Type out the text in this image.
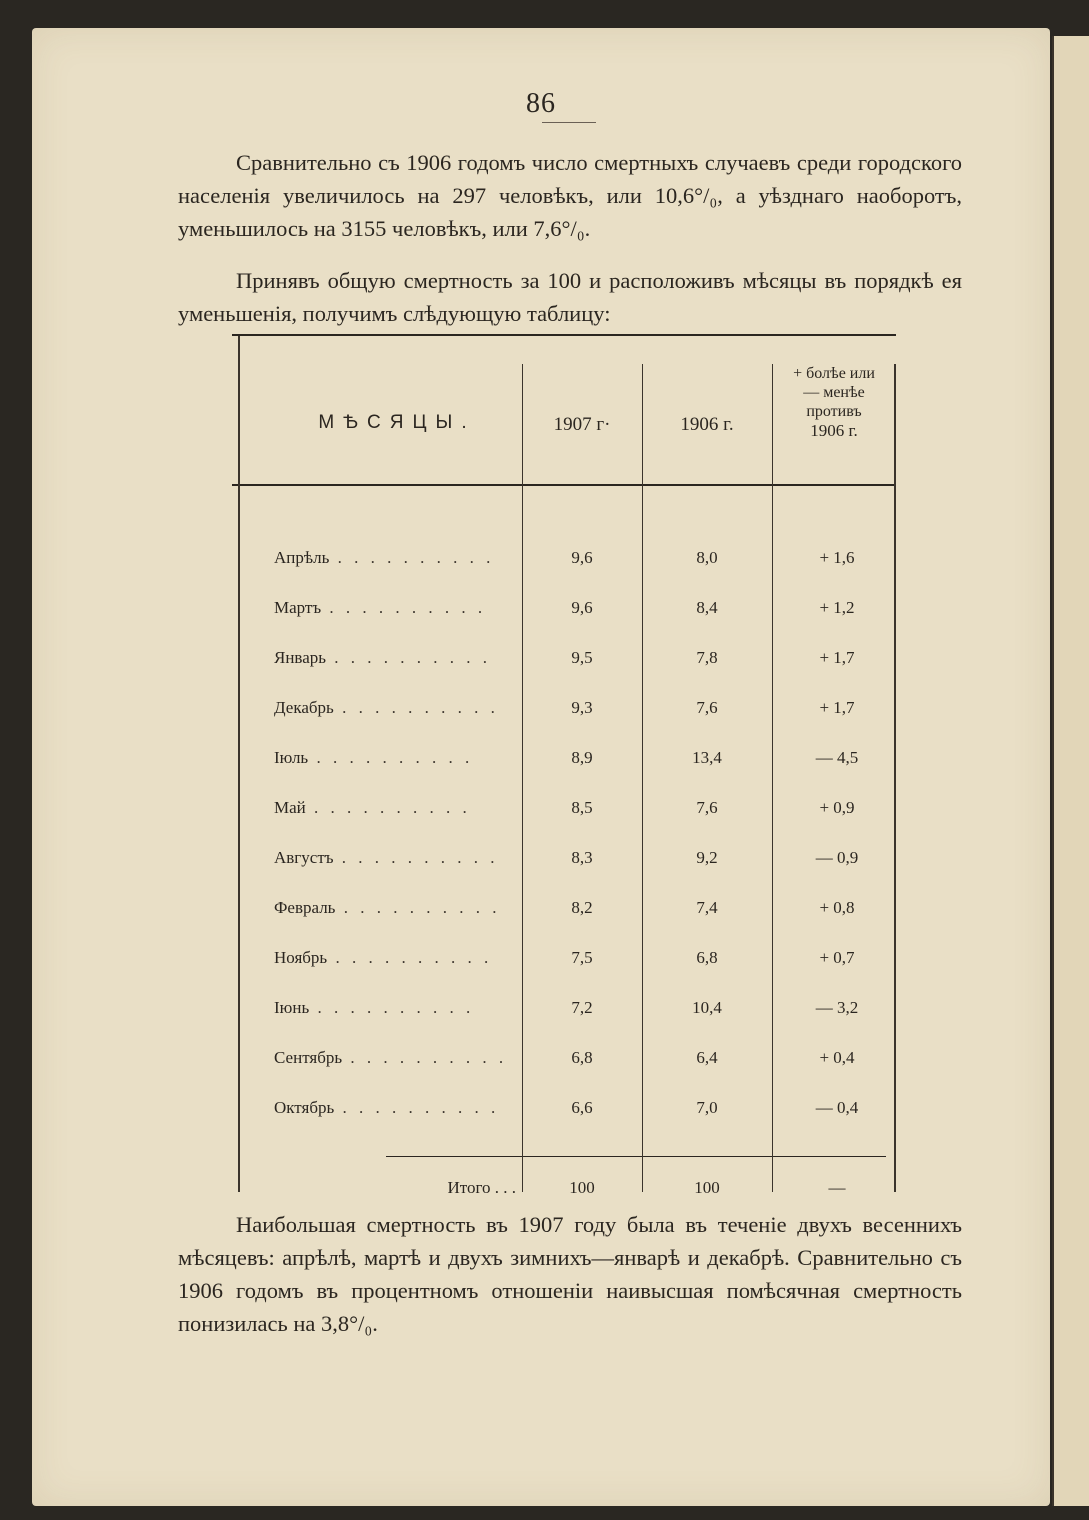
86

Сравнительно съ 1906 годомъ число смертныхъ случаевъ среди городского населенія увеличилось на 297 человѣкъ, или 10,6°/₀, а уѣзднаго наоборотъ, уменьшилось на 3155 человѣкъ, или 7,6°/₀.

Принявъ общую смертность за 100 и расположивъ мѣсяцы въ порядкѣ ея уменьшенія, получимъ слѣдующую таблицу:

МѢСЯЦЫ.	1907 г·	1906 г.
+ болѣе или
— менѣе
противъ
1906 г.
Апрѣль . . . . . . . . . .	9,6	8,0	+ 1,6
Мартъ . . . . . . . . . .	9,6	8,4	+ 1,2
Январь . . . . . . . . . .	9,5	7,8	+ 1,7
Декабрь . . . . . . . . . .	9,3	7,6	+ 1,7
Іюль . . . . . . . . . .	8,9	13,4	— 4,5
Май . . . . . . . . . .	8,5	7,6	+ 0,9
Августъ . . . . . . . . . .	8,3	9,2	— 0,9
Февраль . . . . . . . . . .	8,2	7,4	+ 0,8
Ноябрь . . . . . . . . . .	7,5	6,8	+ 0,7
Іюнь . . . . . . . . . .	7,2	10,4	— 3,2
Сентябрь . . . . . . . . . .	6,8	6,4	+ 0,4
Октябрь . . . . . . . . . .	6,6	7,0	— 0,4
Итого . . .	100	100	—

Наибольшая смертность въ 1907 году была въ теченіе двухъ весеннихъ мѣсяцевъ: апрѣлѣ, мартѣ и двухъ зимнихъ—январѣ и декабрѣ. Сравнительно съ 1906 годомъ въ процентномъ отношеніи наивысшая помѣсячная смертность понизилась на 3,8°/₀.
